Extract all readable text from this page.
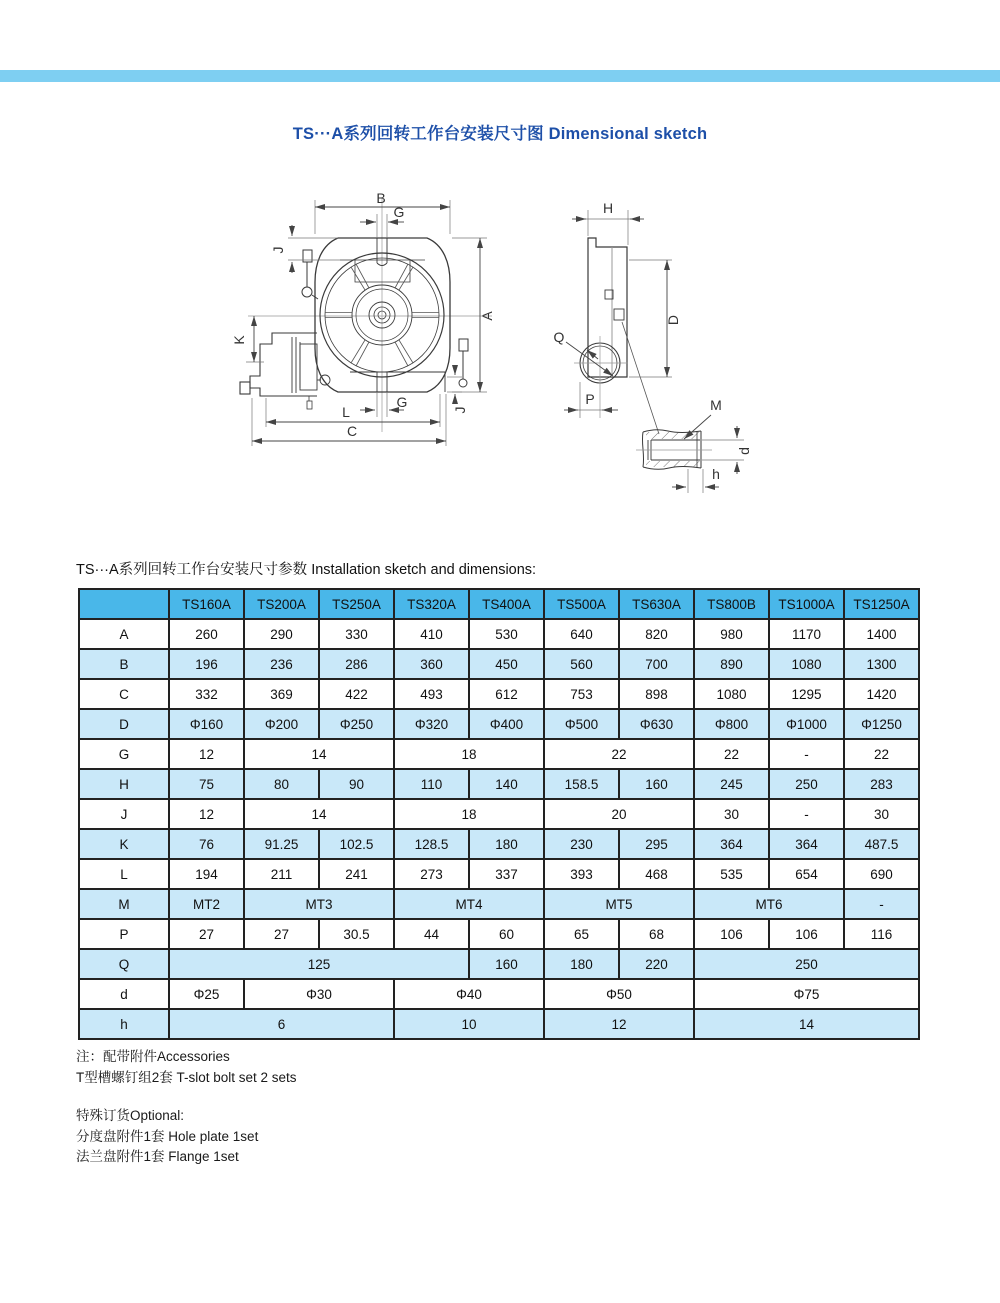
TS···A系列回转工作台安装尺寸图 Dimensional sketch
B
G
J
A
K
G	J
L
C
H
D
Q
P	M
d
h
TS···A系列回转工作台安装尺寸参数 Installation sketch and dimensions:
	TS160A	TS200A	TS250A	TS320A	TS400A	TS500A	TS630A	TS800B	TS1000A	TS1250A
A	260	290	330	410	530	640	820	980	1170	1400
B	196	236	286	360	450	560	700	890	1080	1300
C	332	369	422	493	612	753	898	1080	1295	1420
D	Φ160	Φ200	Φ250	Φ320	Φ400	Φ500	Φ630	Φ800	Φ1000	Φ1250
G	12	14		18		22		22	-	22
H	75	80	90	110	140	158.5	160	245	250	283
J	12	14		18		20		30	-	30
K	76	91.25	102.5	128.5	180	230	295	364	364	487.5
L	194	211	241	273	337	393	468	535	654	690
M	MT2	MT3		MT4		MT5		MT6		-
P	27	27	30.5	44	60	65	68	106	106	116
Q	125				160	180	220	250		
d	Φ25	Φ30		Φ40		Φ50		Φ75		
h	6			10		12		14		
注：配带附件Accessories
T型槽螺钉组2套 T-slot bolt set 2 sets
特殊订货Optional:
分度盘附件1套 Hole plate 1set
法兰盘附件1套 Flange 1set
